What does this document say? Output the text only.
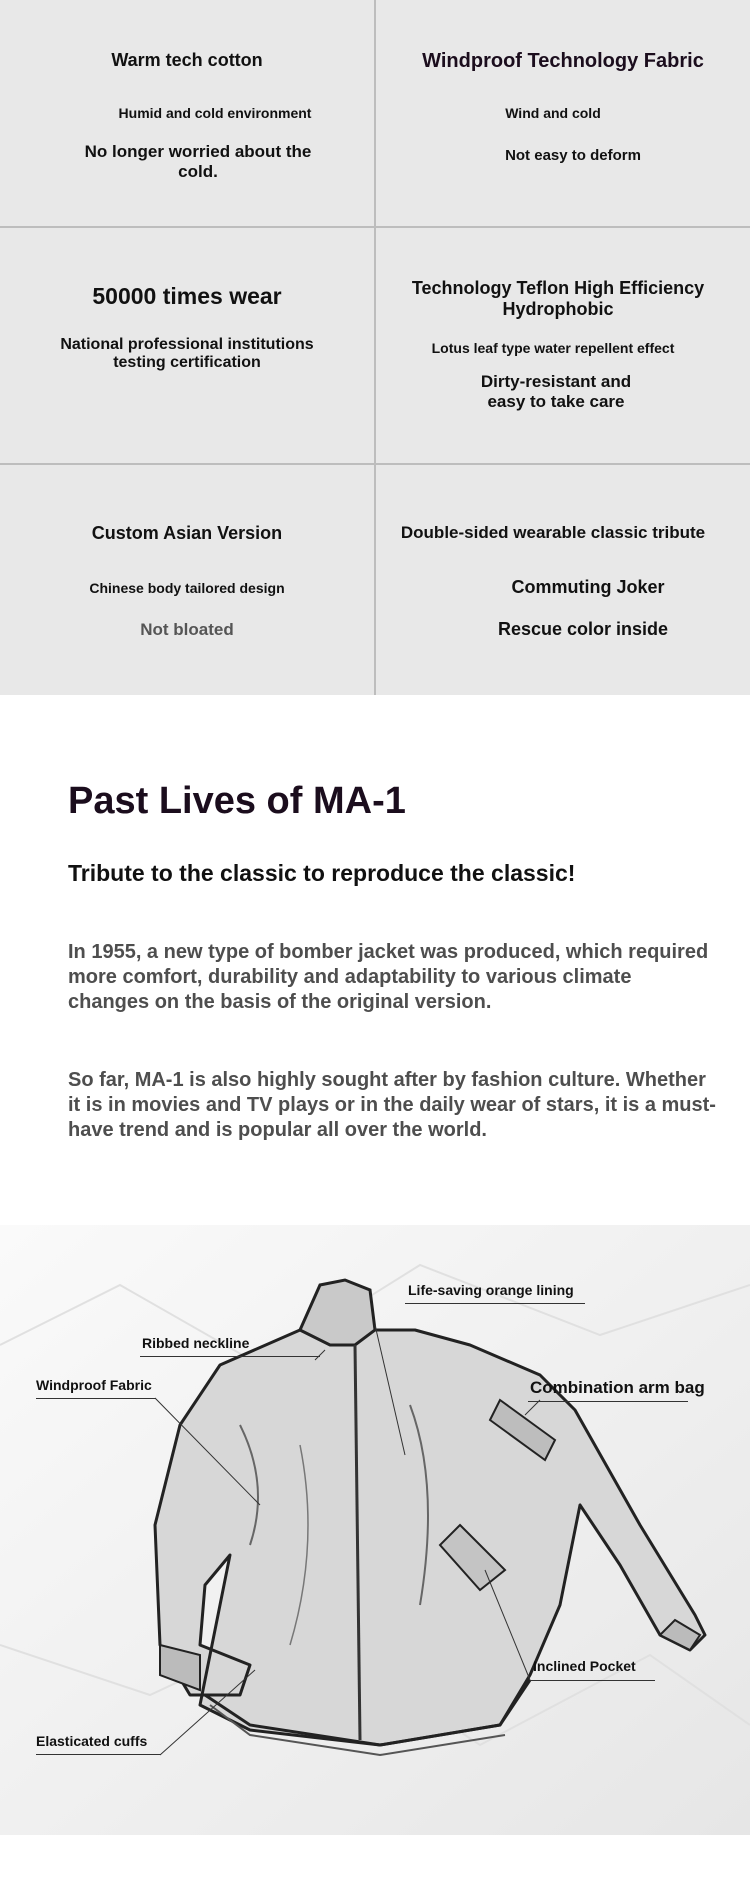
Warm tech cotton
Humid and cold environment
No longer worried about the cold.
Windproof Technology Fabric
Wind and cold
Not easy to deform
50000 times wear
National professional institutions testing certification
Technology Teflon High Efficiency Hydrophobic
Lotus leaf type water repellent effect
Dirty-resistant and easy to take care
Custom Asian Version
Chinese body tailored design
Not bloated
Double-sided wearable classic tribute
Commuting Joker
Rescue color inside
Past Lives of MA-1
Tribute to the classic to reproduce the classic!
In 1955, a new type of bomber jacket was produced, which required more comfort, durability and adaptability to various climate changes on the basis of the original version.
So far, MA-1 is also highly sought after by fashion culture. Whether it is in movies and TV plays or in the daily wear of stars, it is a must-have trend and is popular all over the world.
Life-saving orange lining
Ribbed neckline
Combination arm bag
Windproof Fabric
Inclined Pocket
Elasticated cuffs
